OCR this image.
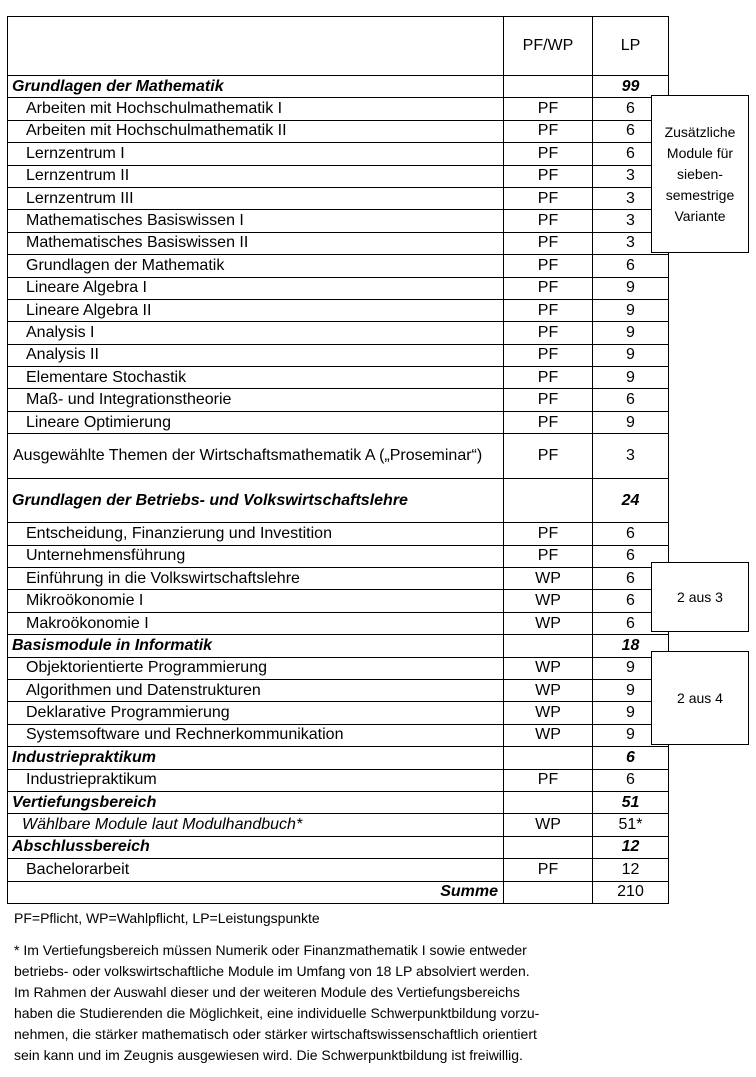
	PF/WP	LP
Grundlagen der Mathematik		99
Arbeiten mit Hochschulmathematik I	PF	6
Arbeiten mit Hochschulmathematik II	PF	6
Lernzentrum I	PF	6
Lernzentrum II	PF	3
Lernzentrum III	PF	3
Mathematisches Basiswissen I	PF	3
Mathematisches Basiswissen II	PF	3
Grundlagen der Mathematik	PF	6
Lineare Algebra I	PF	9
Lineare Algebra II	PF	9
Analysis I	PF	9
Analysis II	PF	9
Elementare Stochastik	PF	9
Maß- und Integrationstheorie	PF	6
Lineare Optimierung	PF	9
Ausgewählte Themen der Wirtschaftsmathematik A („Proseminar“)	PF	3
Grundlagen der Betriebs- und Volkswirtschaftslehre		24
Entscheidung, Finanzierung und Investition	PF	6
Unternehmensführung	PF	6
Einführung in die Volkswirtschaftslehre	WP	6
Mikroökonomie I	WP	6
Makroökonomie I	WP	6
Basismodule in Informatik		18
Objektorientierte Programmierung	WP	9
Algorithmen und Datenstrukturen	WP	9
Deklarative Programmierung	WP	9
Systemsoftware und Rechnerkommunikation	WP	9
Industriepraktikum		6
Industriepraktikum	PF	6
Vertiefungsbereich		51
Wählbare Module laut Modulhandbuch*	WP	51*
Abschlussbereich		12
Bachelorarbeit	PF	12
Summe		210
Zusätzliche
Module für
sieben-
semestrige
Variante
2 aus 3
2 aus 4
PF=Pflicht, WP=Wahlpflicht, LP=Leistungspunkte
* Im Vertiefungsbereich müssen Numerik oder Finanzmathematik I sowie entweder
betriebs- oder volkswirtschaftliche Module im Umfang von 18 LP absolviert werden.
Im Rahmen der Auswahl dieser und der weiteren Module des Vertiefungsbereichs
haben die Studierenden die Möglichkeit, eine individuelle Schwerpunktbildung vorzu-
nehmen, die stärker mathematisch oder stärker wirtschaftswissenschaftlich orientiert
sein kann und im Zeugnis ausgewiesen wird. Die Schwerpunktbildung ist freiwillig.
